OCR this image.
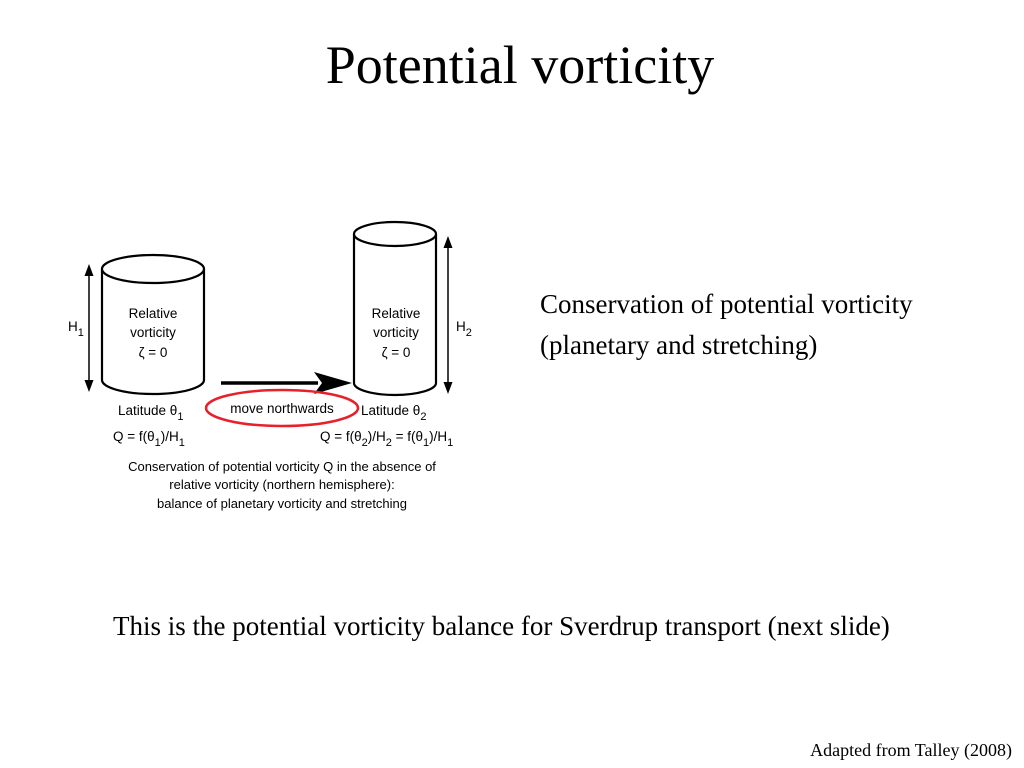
Potential vorticity
Relative
vorticity
ζ = 0
$H_1$
Relative
vorticity
ζ = 0
$H_2$
move northwards
Latitude $\theta_1$	Latitude $\theta_2$
$Q = f(\theta_1)/H_1$	$Q = f(\theta_2)/H_2 = f(\theta_1)/H_1$
Conservation of potential vorticity Q in the absence of
relative vorticity (northern hemisphere):
balance of planetary vorticity and stretching
Conservation of potential vorticity (planetary and stretching)
This is the potential vorticity balance for Sverdrup transport (next slide)
Adapted from Talley (2008)
